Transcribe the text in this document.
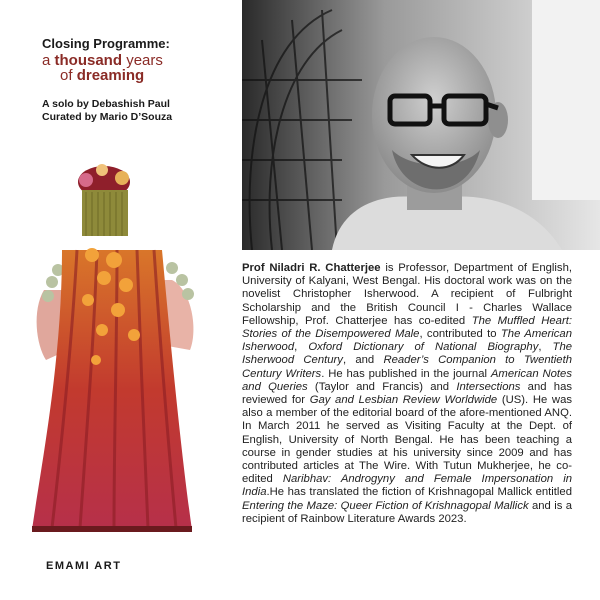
Closing Programme:
a thousand years
of dreaming
A solo by Debashish Paul
Curated by Mario D’Souza
EMAMI ART
Prof Niladri R. Chatterjee is Professor, Department of English, University of Kalyani, West Bengal. His doctoral work was on the novelist Christopher Isherwood. A recipient of Fulbright Scholarship and the British Council I - Charles Wallace Fellowship, Prof. Chatterjee has co-edited The Muffled Heart: Stories of the Disempowered Male, contributed to The American Isherwood, Oxford Dictionary of National Biography, The Isherwood Century, and Reader’s Companion to Twentieth Century Writers. He has published in the journal American Notes and Queries (Taylor and Francis) and Intersections and has reviewed for Gay and Lesbian Review Worldwide (US). He was also a member of the editorial board of the afore-mentioned ANQ. In March 2011 he served as Visiting Faculty at the Dept. of English, University of North Bengal. He has been teaching a course in gender studies at his university since 2009 and has contributed articles at The Wire. With Tutun Mukherjee, he co-edited Naribhav: Androgyny and Female Impersonation in India.He has translated the fiction of Krishnagopal Mallick entitled Entering the Maze: Queer Fiction of Krishnagopal Mallick and is a recipient of Rainbow Literature Awards 2023.
